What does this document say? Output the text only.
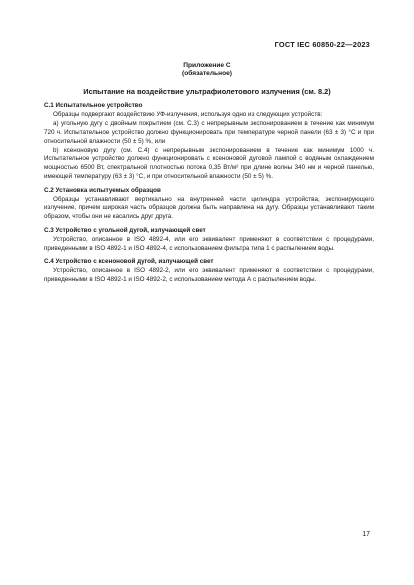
ГОСТ IEC 60850-22—2023
Приложение С
(обязательное)
Испытание на воздействие ультрафиолетового излучения (см. 8.2)
С.1 Испытательное устройство

Образцы подвергают воздействию УФ-излучения, используя одно из следующих устройств:

а) угольную дугу с двойным покрытием (см. С.3) с непрерывным экспонированием в течение как минимум 720 ч. Испытательное устройство должно функционировать при температуре черной панели (63 ± 3) °С и при относительной влажности (50 ± 5) %, или

b) ксеноновую дугу (см. С.4) с непрерывным экспонированием в течение как минимум 1000 ч. Испытательное устройство должно функционировать с ксеноновой дуговой лампой с водяным охлаждением мощностью 6500 Вт, спектральной плотностью потока 0,35 Вт/м² при длине волны 340 нм и черной панелью, имеющей температуру (63 ± 3) °С, и при относительной влажности (50 ± 5) %.

С.2 Установка испытуемых образцов

Образцы устанавливают вертикально на внутренней части цилиндра устройства, экспонирующего излучение, причем широкая часть образцов должна быть направлена на дугу. Образцы устанавливают таким образом, чтобы они не касались друг друга.

С.3 Устройство с угольной дугой, излучающей свет

Устройство, описанное в ISO 4892-4, или его эквивалент применяют в соответствии с процедурами, приведенными в ISO 4892-1 и ISO 4892-4, с использованием фильтра типа 1 с распылением воды.

С.4 Устройство с ксеноновой дугой, излучающей свет

Устройство, описанное в ISO 4892-2, или его эквивалент применяют в соответствии с процедурами, приведенными в ISO 4892-1 и ISO 4892-2, с использованием метода А с распылением воды.

17
